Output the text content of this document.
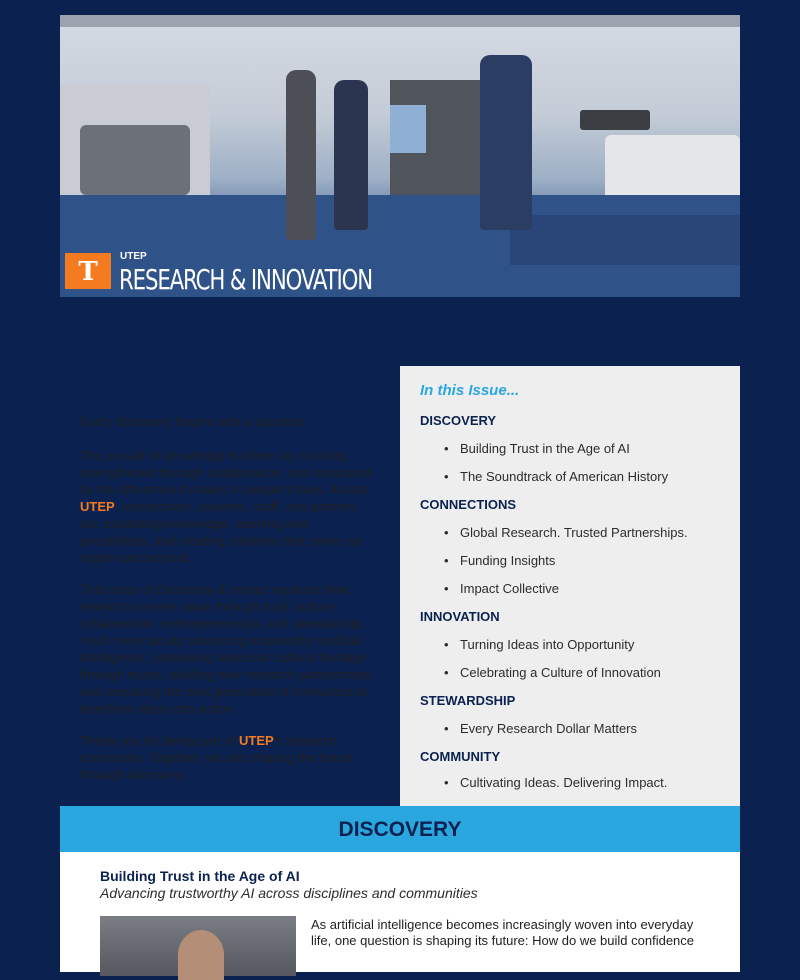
T
UTEP
RESEARCH & INNOVATION
Discovery & Impact
June 2026
Purpose at Work

Every discovery begins with a question.

The pursuit of knowledge is driven by curiosity, strengthened through collaboration, and measured by the difference it makes in people's lives. Across UTEP, researchers, students, staff, and partners are expanding knowledge, opening new possibilities, and creating solutions that serve our region and beyond.

This issue of Discovery & Impact explores how research creates value through trust, culture, collaboration, entrepreneurship, and stewardship. You'll meet faculty advancing trustworthy artificial intelligence, preserving American cultural heritage through music, building new research partnerships, and preparing the next generation of innovators to transform ideas into action.

Thank you for being part of UTEP's research community. Together, we are shaping the future through discovery.

In this Issue...
DISCOVERY
• Building Trust in the Age of AI
• The Soundtrack of American History
CONNECTIONS
• Global Research. Trusted Partnerships.
• Funding Insights
• Impact Collective
INNOVATION
• Turning Ideas into Opportunity
• Celebrating a Culture of Innovation
STEWARDSHIP
• Every Research Dollar Matters
COMMUNITY
• Cultivating Ideas. Delivering Impact.
DISCOVERY
Building Trust in the Age of AI
Advancing trustworthy AI across disciplines and communities
As artificial intelligence becomes increasingly woven into everyday life, one question is shaping its future: How do we build confidence
